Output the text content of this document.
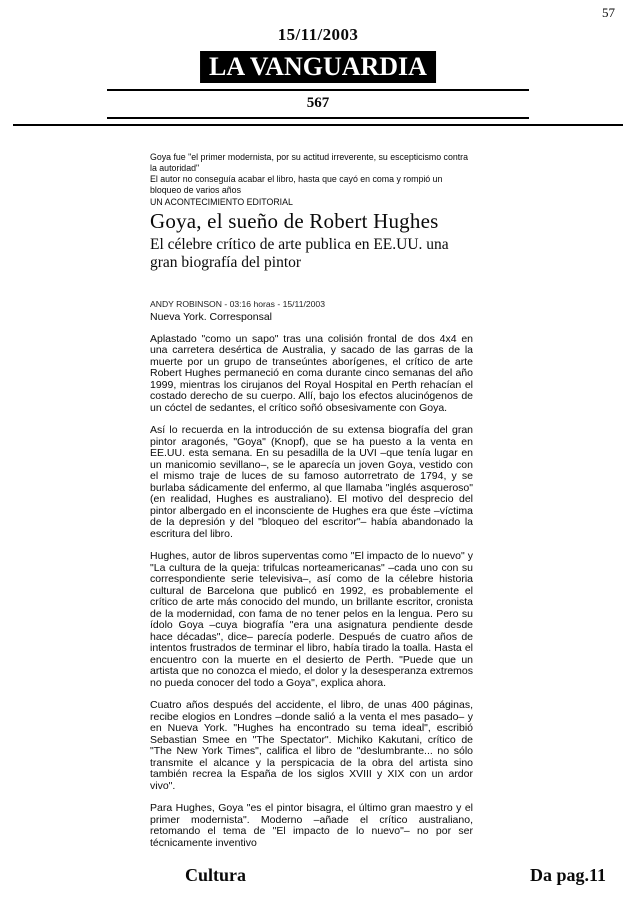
57
15/11/2003
LA VANGUARDIA
567
Goya fue "el primer modernista, por su actitud irreverente, su escepticismo contra la autoridad"
El autor no conseguía acabar el libro, hasta que cayó en coma y rompió un bloqueo de varios años
UN ACONTECIMIENTO EDITORIAL
Goya, el sueño de Robert Hughes
El célebre crítico de arte publica en EE.UU. una gran biografía del pintor
ANDY ROBINSON - 03:16 horas - 15/11/2003
Nueva York. Corresponsal

Aplastado "como un sapo" tras una colisión frontal de dos 4x4 en una carretera desértica de Australia, y sacado de las garras de la muerte por un grupo de transeúntes aborígenes, el crítico de arte Robert Hughes permaneció en coma durante cinco semanas del año 1999, mientras los cirujanos del Royal Hospital en Perth rehacían el costado derecho de su cuerpo. Allí, bajo los efectos alucinógenos de un cóctel de sedantes, el crítico soñó obsesivamente con Goya.

Así lo recuerda en la introducción de su extensa biografía del gran pintor aragonés, "Goya" (Knopf), que se ha puesto a la venta en EE.UU. esta semana. En su pesadilla de la UVI –que tenía lugar en un manicomio sevillano–, se le aparecía un joven Goya, vestido con el mismo traje de luces de su famoso autorretrato de 1794, y se burlaba sádicamente del enfermo, al que llamaba "inglés asqueroso" (en realidad, Hughes es australiano). El motivo del desprecio del pintor albergado en el inconsciente de Hughes era que éste –víctima de la depresión y del "bloqueo del escritor"– había abandonado la escritura del libro.

Hughes, autor de libros superventas como "El impacto de lo nuevo" y "La cultura de la queja: trifulcas norteamericanas" –cada uno con su correspondiente serie televisiva–, así como de la célebre historia cultural de Barcelona que publicó en 1992, es probablemente el crítico de arte más conocido del mundo, un brillante escritor, cronista de la modernidad, con fama de no tener pelos en la lengua. Pero su ídolo Goya –cuya biografía "era una asignatura pendiente desde hace décadas", dice– parecía poderle. Después de cuatro años de intentos frustrados de terminar el libro, había tirado la toalla. Hasta el encuentro con la muerte en el desierto de Perth. "Puede que un artista que no conozca el miedo, el dolor y la desesperanza extremos no pueda conocer del todo a Goya", explica ahora.

Cuatro años después del accidente, el libro, de unas 400 páginas, recibe elogios en Londres –donde salió a la venta el mes pasado– y en Nueva York. "Hughes ha encontrado su tema ideal", escribió Sebastian Smee en "The Spectator". Michiko Kakutani, crítico de "The New York Times", califica el libro de "deslumbrante... no sólo transmite el alcance y la perspicacia de la obra del artista sino también recrea la España de los siglos XVIII y XIX con un ardor vivo".

Para Hughes, Goya "es el pintor bisagra, el último gran maestro y el primer modernista". Moderno –añade el crítico australiano, retomando el tema de "El impacto de lo nuevo"– no por ser técnicamente inventivo

Cultura	Da pag.11
